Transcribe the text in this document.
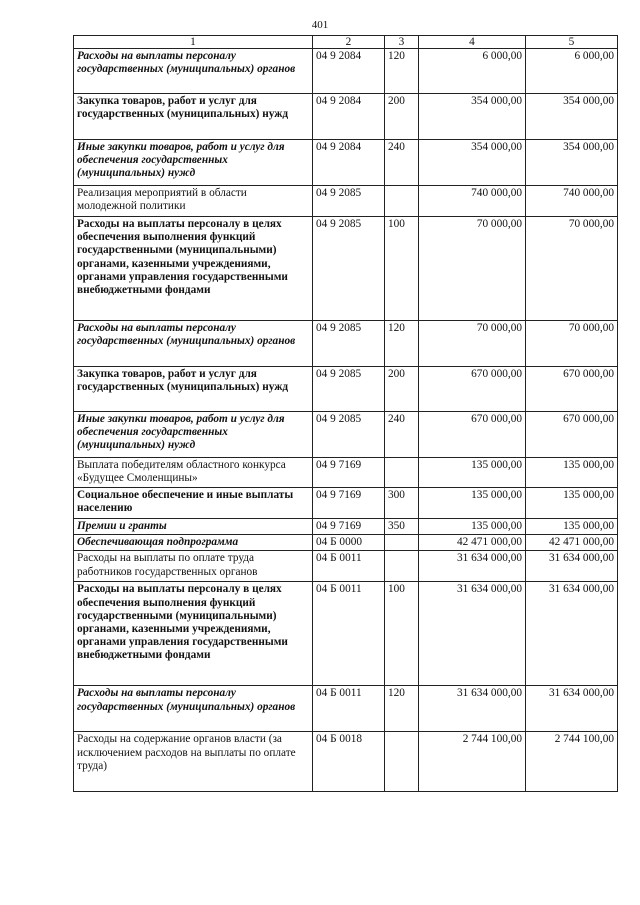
401
1	2	3	4	5
Расходы на выплаты персоналу государственных (муниципальных) органов	04 9 2084	120	6 000,00	6 000,00
Закупка товаров, работ и услуг для государственных (муниципальных) нужд	04 9 2084	200	354 000,00	354 000,00
Иные закупки товаров, работ и услуг для обеспечения государственных (муниципальных) нужд	04 9 2084	240	354 000,00	354 000,00
Реализация мероприятий в области молодежной политики	04 9 2085		740 000,00	740 000,00
Расходы на выплаты персоналу в целях обеспечения выполнения функций государственными (муниципальными) органами, казенными учреждениями, органами управления государственными внебюджетными фондами	04 9 2085	100	70 000,00	70 000,00
Расходы на выплаты персоналу государственных (муниципальных) органов	04 9 2085	120	70 000,00	70 000,00
Закупка товаров, работ и услуг для государственных (муниципальных) нужд	04 9 2085	200	670 000,00	670 000,00
Иные закупки товаров, работ и услуг для обеспечения государственных (муниципальных) нужд	04 9 2085	240	670 000,00	670 000,00
Выплата победителям областного конкурса «Будущее Смоленщины»	04 9 7169		135 000,00	135 000,00
Социальное обеспечение и иные выплаты населению	04 9 7169	300	135 000,00	135 000,00
Премии и гранты	04 9 7169	350	135 000,00	135 000,00
Обеспечивающая подпрограмма	04 Б 0000		42 471 000,00	42 471 000,00
Расходы на выплаты по оплате труда работников государственных органов	04 Б 0011		31 634 000,00	31 634 000,00
Расходы на выплаты персоналу в целях обеспечения выполнения функций государственными (муниципальными) органами, казенными учреждениями, органами управления государственными внебюджетными фондами	04 Б 0011	100	31 634 000,00	31 634 000,00
Расходы на выплаты персоналу государственных (муниципальных) органов	04 Б 0011	120	31 634 000,00	31 634 000,00
Расходы на содержание органов власти (за исключением расходов на выплаты по оплате труда)	04 Б 0018		2 744 100,00	2 744 100,00
